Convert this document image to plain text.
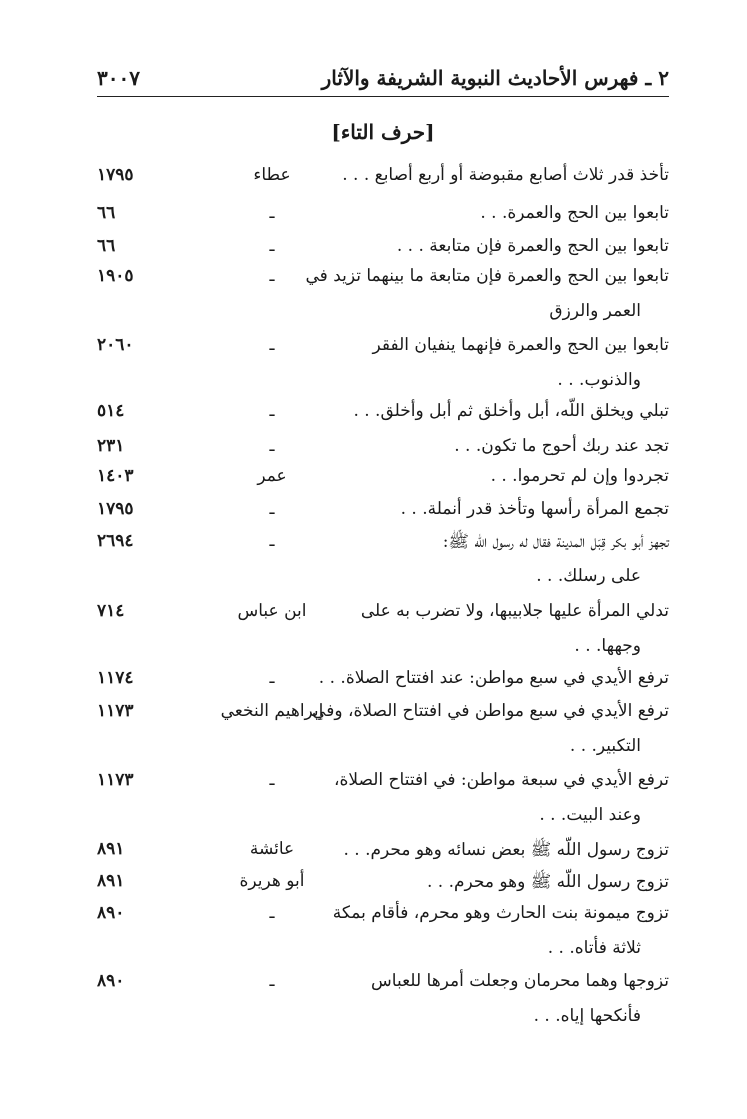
٢ ـ فهرس الأحاديث النبوية الشريفة والآثار
٣٠٠٧
[حرف التاء]
تأخذ قدر ثلاث أصابع مقبوضة أو أربع أصابع . . .
عطاء
١٧٩٥
تابعوا بين الحج والعمرة. . .
ـ
٦٦
تابعوا بين الحج والعمرة فإن متابعة . . .
ـ
٦٦
تابعوا بين الحج والعمرة فإن متابعة ما بينهما تزيد في
العمر والرزق
ـ
١٩٠٥
تابعوا بين الحج والعمرة فإنهما ينفيان الفقر
والذنوب. . .
ـ
٢٠٦٠
تبلي ويخلق اللّه، أبل وأخلق ثم أبل وأخلق. . .
ـ
٥١٤
تجد عند ربك أحوج ما تكون. . .
ـ
٢٣١
تجردوا وإن لم تحرموا. . .
عمر
١٤٠٣
تجمع المرأة رأسها وتأخذ قدر أنملة. . .
ـ
١٧٩٥
تجهز أبو بكر قِبَل المدينة فقال له رسول اللّه ﷺ:
على رسلك. . .
ـ
٢٦٩٤
تدلي المرأة عليها جلابيبها، ولا تضرب به على
وجهها. . .
ابن عباس
٧١٤
ترفع الأيدي في سبع مواطن: عند افتتاح الصلاة. . .
ـ
١١٧٤
ترفع الأيدي في سبع مواطن في افتتاح الصلاة، وفي
التكبير. . .
إبراهيم النخعي
١١٧٣
ترفع الأيدي في سبعة مواطن: في افتتاح الصلاة،
وعند البيت. . .
ـ
١١٧٣
تزوج رسول اللّه ﷺ بعض نسائه وهو محرم. . .
عائشة
٨٩١
تزوج رسول اللّه ﷺ وهو محرم. . .
أبو هريرة
٨٩١
تزوج ميمونة بنت الحارث وهو محرم، فأقام بمكة
ثلاثة فأتاه. . .
ـ
٨٩٠
تزوجها وهما محرمان وجعلت أمرها للعباس
فأنكحها إياه. . .
ـ
٨٩٠
